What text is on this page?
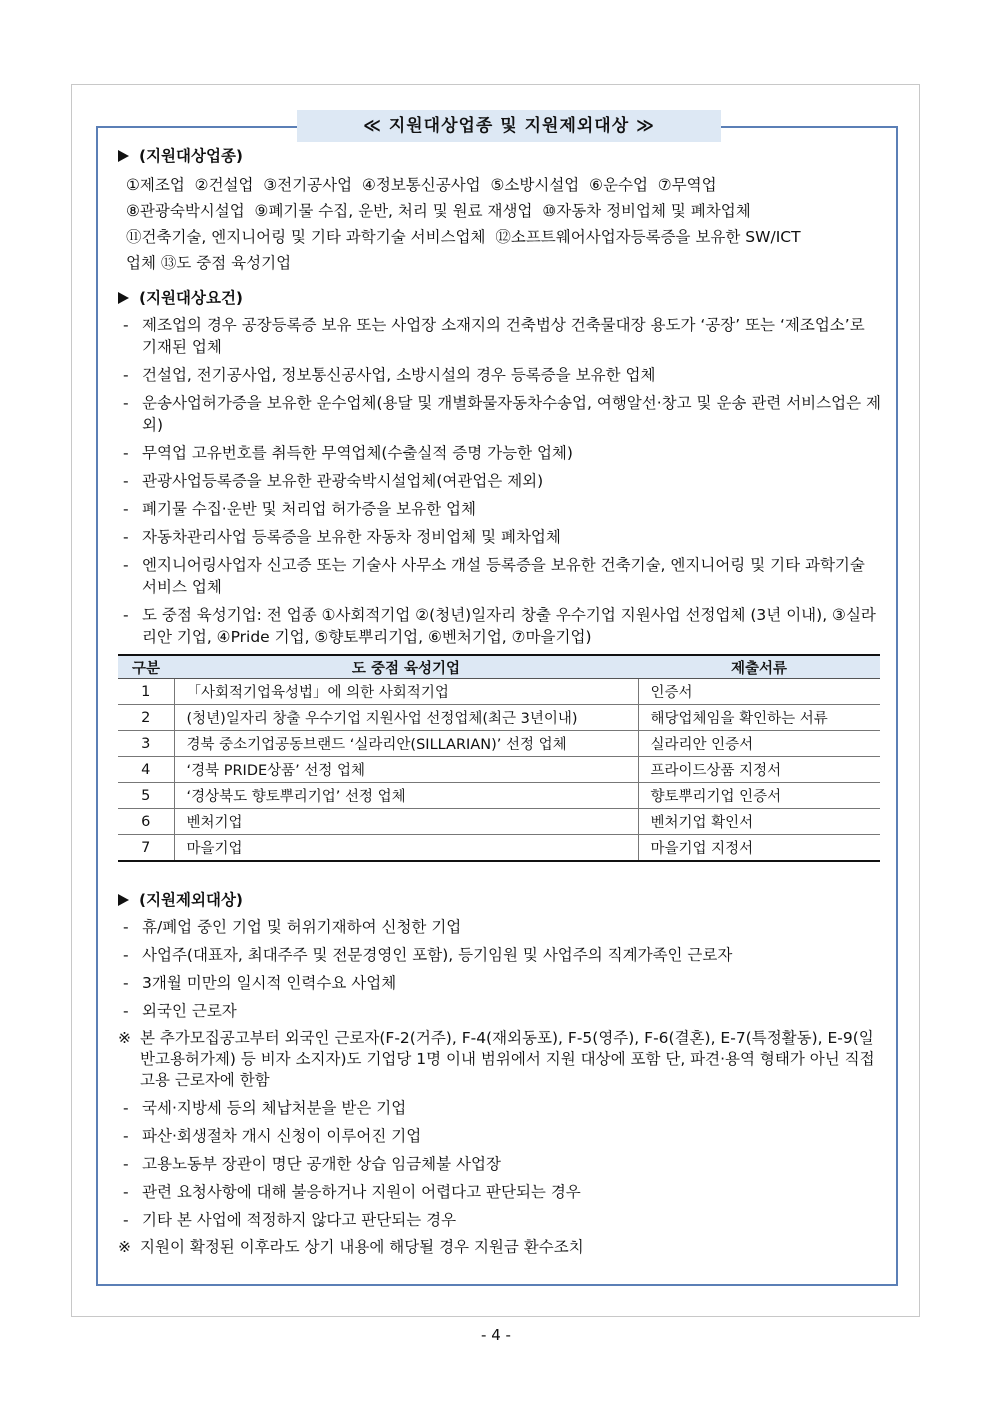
≪ 지원대상업종 및 지원제외대상 ≫
(지원대상업종)
①제조업  ②건설업  ③전기공사업  ④정보통신공사업  ⑤소방시설업  ⑥운수업  ⑦무역업
⑧관광숙박시설업  ⑨폐기물 수집, 운반, 처리 및 원료 재생업  ⑩자동차 정비업체 및 폐차업체
⑪건축기술, 엔지니어링 및 기타 과학기술 서비스업체  ⑫소프트웨어사업자등록증을 보유한 SW/ICT
업체 ⑬도 중점 육성기업
(지원대상요건)
- 제조업의 경우 공장등록증 보유 또는 사업장 소재지의 건축법상 건축물대장 용도가 ‘공장’ 또는 ‘제조업소’로 기재된 업체
- 건설업, 전기공사업, 정보통신공사업, 소방시설의 경우 등록증을 보유한 업체
- 운송사업허가증을 보유한 운수업체(용달 및 개별화물자동차수송업, 여행알선·창고 및 운송 관련 서비스업은 제외)
- 무역업 고유번호를 취득한 무역업체(수출실적 증명 가능한 업체)
- 관광사업등록증을 보유한 관광숙박시설업체(여관업은 제외)
- 폐기물 수집·운반 및 처리업 허가증을 보유한 업체
- 자동차관리사업 등록증을 보유한 자동차 정비업체 및 폐차업체
- 엔지니어링사업자 신고증 또는 기술사 사무소 개설 등록증을 보유한 건축기술, 엔지니어링 및 기타 과학기술 서비스 업체
- 도 중점 육성기업: 전 업종 ①사회적기업 ②(청년)일자리 창출 우수기업 지원사업 선정업체 (3년 이내), ③실라리안 기업, ④Pride 기업, ⑤향토뿌리기업, ⑥벤처기업, ⑦마을기업)
구분	도 중점 육성기업	제출서류
1	「사회적기업육성법」에 의한 사회적기업	인증서
2	(청년)일자리 창출 우수기업 지원사업 선정업체(최근 3년이내)	해당업체임을 확인하는 서류
3	경북 중소기업공동브랜드 ‘실라리안(SILLARIAN)’ 선정 업체	실라리안 인증서
4	‘경북 PRIDE상품’ 선정 업체	프라이드상품 지정서
5	‘경상북도 향토뿌리기업’ 선정 업체	향토뿌리기업 인증서
6	벤처기업	벤처기업 확인서
7	마을기업	마을기업 지정서
(지원제외대상)
- 휴/폐업 중인 기업 및 허위기재하여 신청한 기업
- 사업주(대표자, 최대주주 및 전문경영인 포함), 등기임원 및 사업주의 직계가족인 근로자
- 3개월 미만의 일시적 인력수요 사업체
- 외국인 근로자
※ 본 추가모집공고부터 외국인 근로자(F-2(거주), F-4(재외동포), F-5(영주), F-6(결혼), E-7(특정활동), E-9(일반고용허가제) 등 비자 소지자)도 기업당 1명 이내 범위에서 지원 대상에 포함 단, 파견·용역 형태가 아닌 직접 고용 근로자에 한함
- 국세·지방세 등의 체납처분을 받은 기업
- 파산·회생절차 개시 신청이 이루어진 기업
- 고용노동부 장관이 명단 공개한 상습 임금체불 사업장
- 관련 요청사항에 대해 불응하거나 지원이 어렵다고 판단되는 경우
- 기타 본 사업에 적정하지 않다고 판단되는 경우
※ 지원이 확정된 이후라도 상기 내용에 해당될 경우 지원금 환수조치
- 4 -
